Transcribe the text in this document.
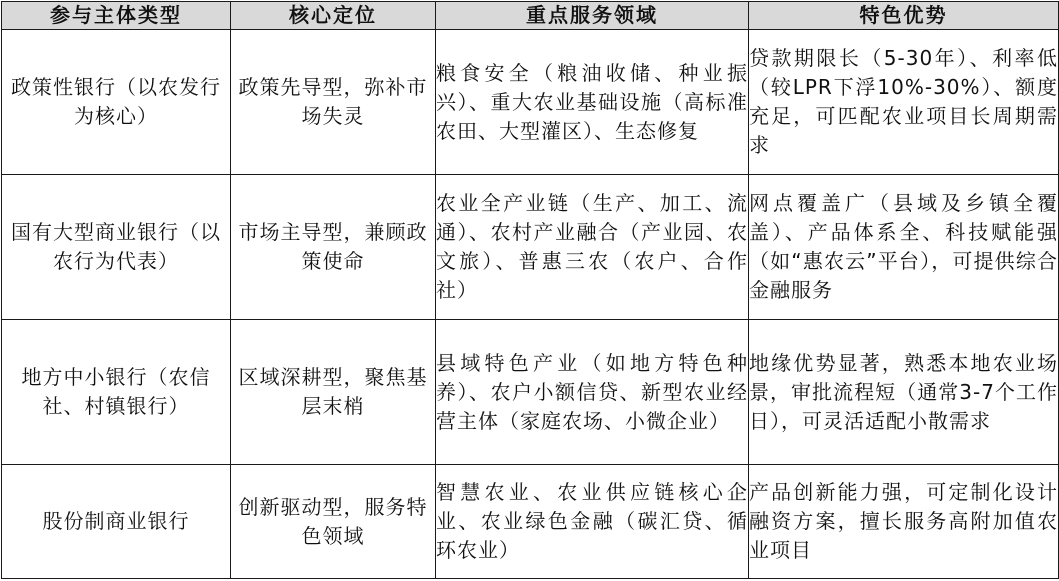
参与主体类型	核心定位	重点服务领域	特色优势
政策性银行（以农发行为核心）	政策先导型，弥补市场失灵	粮食安全（粮油收储、种业振兴）、重大农业基础设施（高标准农田、大型灌区）、生态修复	贷款期限长（5-30年）、利率低（较LPR下浮10%-30%）、额度充足，可匹配农业项目长周期需求
国有大型商业银行（以农行为代表）	市场主导型，兼顾政策使命	农业全产业链（生产、加工、流通）、农村产业融合（产业园、农文旅）、普惠三农（农户、合作社）	网点覆盖广（县域及乡镇全覆盖）、产品体系全、科技赋能强（如“惠农云”平台），可提供综合金融服务
地方中小银行（农信社、村镇银行）	区域深耕型，聚焦基层末梢	县域特色产业（如地方特色种养）、农户小额信贷、新型农业经营主体（家庭农场、小微企业）	地缘优势显著，熟悉本地农业场景，审批流程短（通常3-7个工作日），可灵活适配小散需求
股份制商业银行	创新驱动型，服务特色领域	智慧农业、农业供应链核心企业、农业绿色金融（碳汇贷、循环农业）	产品创新能力强，可定制化设计融资方案，擅长服务高附加值农业项目
